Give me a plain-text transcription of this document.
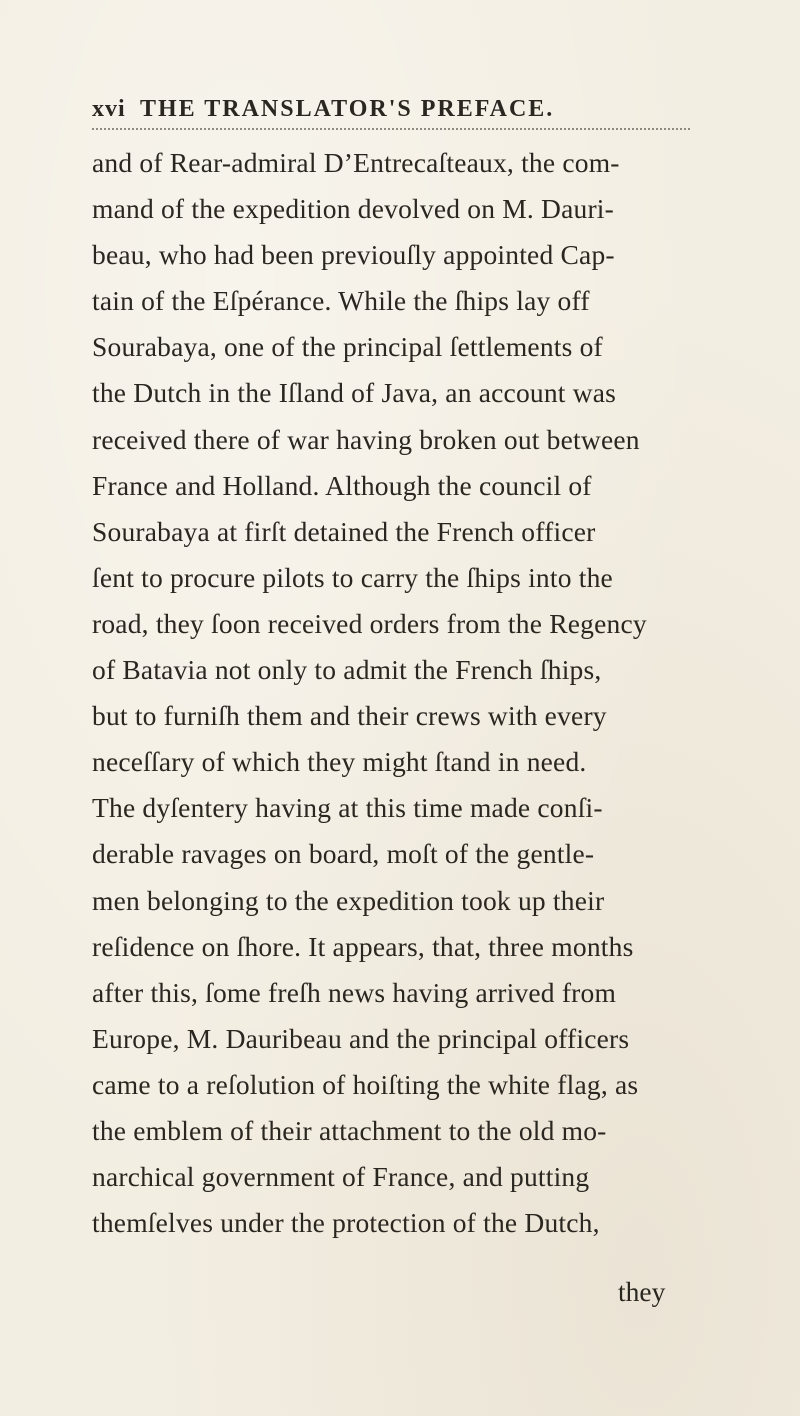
xvi THE TRANSLATOR'S PREFACE.
and of Rear-admiral D’Entrecaſteaux, the com-
mand of the expedition devolved on M. Dauri-
beau, who had been previouſly appointed Cap-
tain of the Eſpérance. While the ſhips lay off
Sourabaya, one of the principal ſettlements of
the Dutch in the Iſland of Java, an account was
received there of war having broken out between
France and Holland. Although the council of
Sourabaya at firſt detained the French officer
ſent to procure pilots to carry the ſhips into the
road, they ſoon received orders from the Regency
of Batavia not only to admit the French ſhips,
but to furniſh them and their crews with every
neceſſary of which they might ſtand in need.
The dyſentery having at this time made conſi-
derable ravages on board, moſt of the gentle-
men belonging to the expedition took up their
reſidence on ſhore. It appears, that, three months
after this, ſome freſh news having arrived from
Europe, M. Dauribeau and the principal officers
came to a reſolution of hoiſting the white flag, as
the emblem of their attachment to the old mo-
narchical government of France, and putting
themſelves under the protection of the Dutch,
they
